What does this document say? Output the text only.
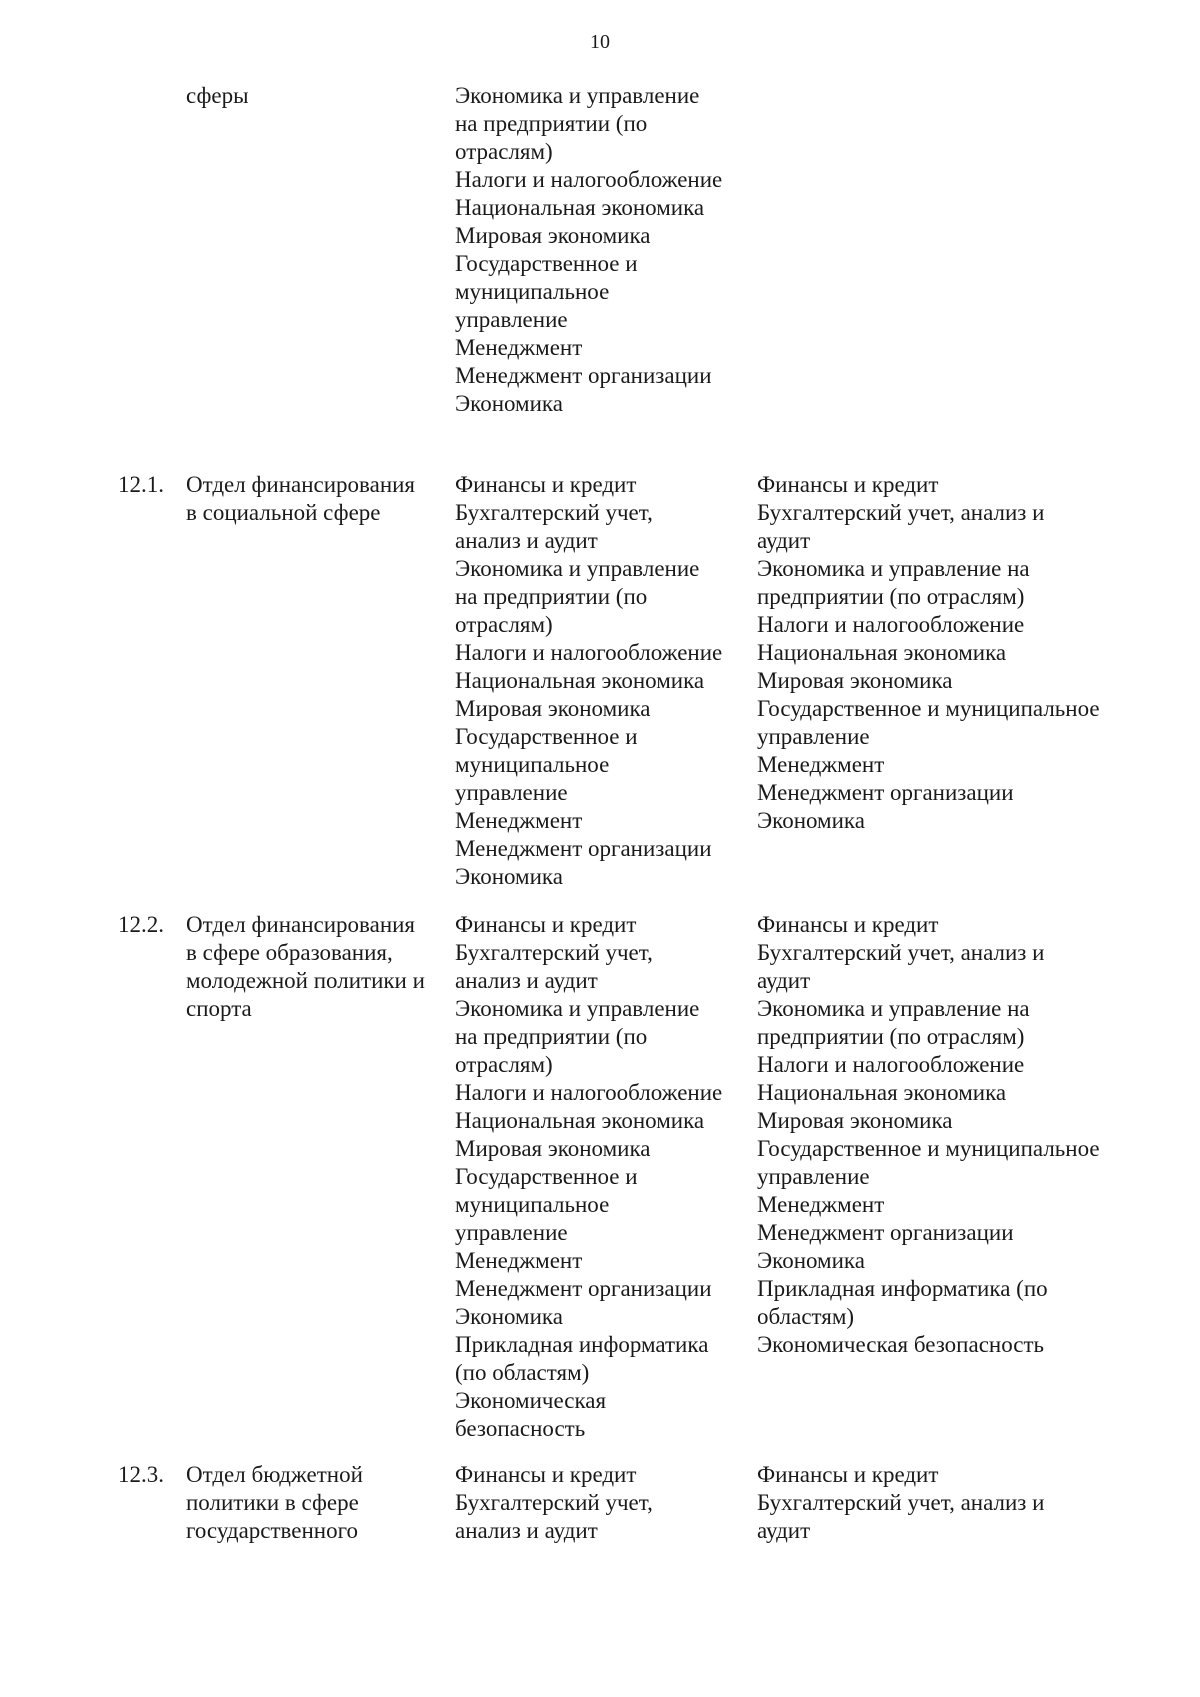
10
сферы	Экономика и управление
на предприятии (по
отраслям)
Налоги и налогообложение
Национальная экономика
Мировая экономика
Государственное и
муниципальное
управление
Менеджмент
Менеджмент организации
Экономика
12.1. Отдел финансирования
в социальной сфере
Финансы и кредит
Бухгалтерский учет,
анализ и аудит
Экономика и управление
на предприятии (по
отраслям)
Налоги и налогообложение
Национальная экономика
Мировая экономика
Государственное и
муниципальное
управление
Менеджмент
Менеджмент организации
Экономика
Финансы и кредит
Бухгалтерский учет, анализ и
аудит
Экономика и управление на
предприятии (по отраслям)
Налоги и налогообложение
Национальная экономика
Мировая экономика
Государственное и муниципальное
управление
Менеджмент
Менеджмент организации
Экономика
12.2. Отдел финансирования
в сфере образования,
молодежной политики и
спорта
Финансы и кредит
Бухгалтерский учет,
анализ и аудит
Экономика и управление
на предприятии (по
отраслям)
Налоги и налогообложение
Национальная экономика
Мировая экономика
Государственное и
муниципальное
управление
Менеджмент
Менеджмент организации
Экономика
Прикладная информатика
(по областям)
Экономическая
безопасность
Финансы и кредит
Бухгалтерский учет, анализ и
аудит
Экономика и управление на
предприятии (по отраслям)
Налоги и налогообложение
Национальная экономика
Мировая экономика
Государственное и муниципальное
управление
Менеджмент
Менеджмент организации
Экономика
Прикладная информатика (по
областям)
Экономическая безопасность
12.3. Отдел бюджетной
политики в сфере
государственного
Финансы и кредит
Бухгалтерский учет,
анализ и аудит
Финансы и кредит
Бухгалтерский учет, анализ и
аудит
